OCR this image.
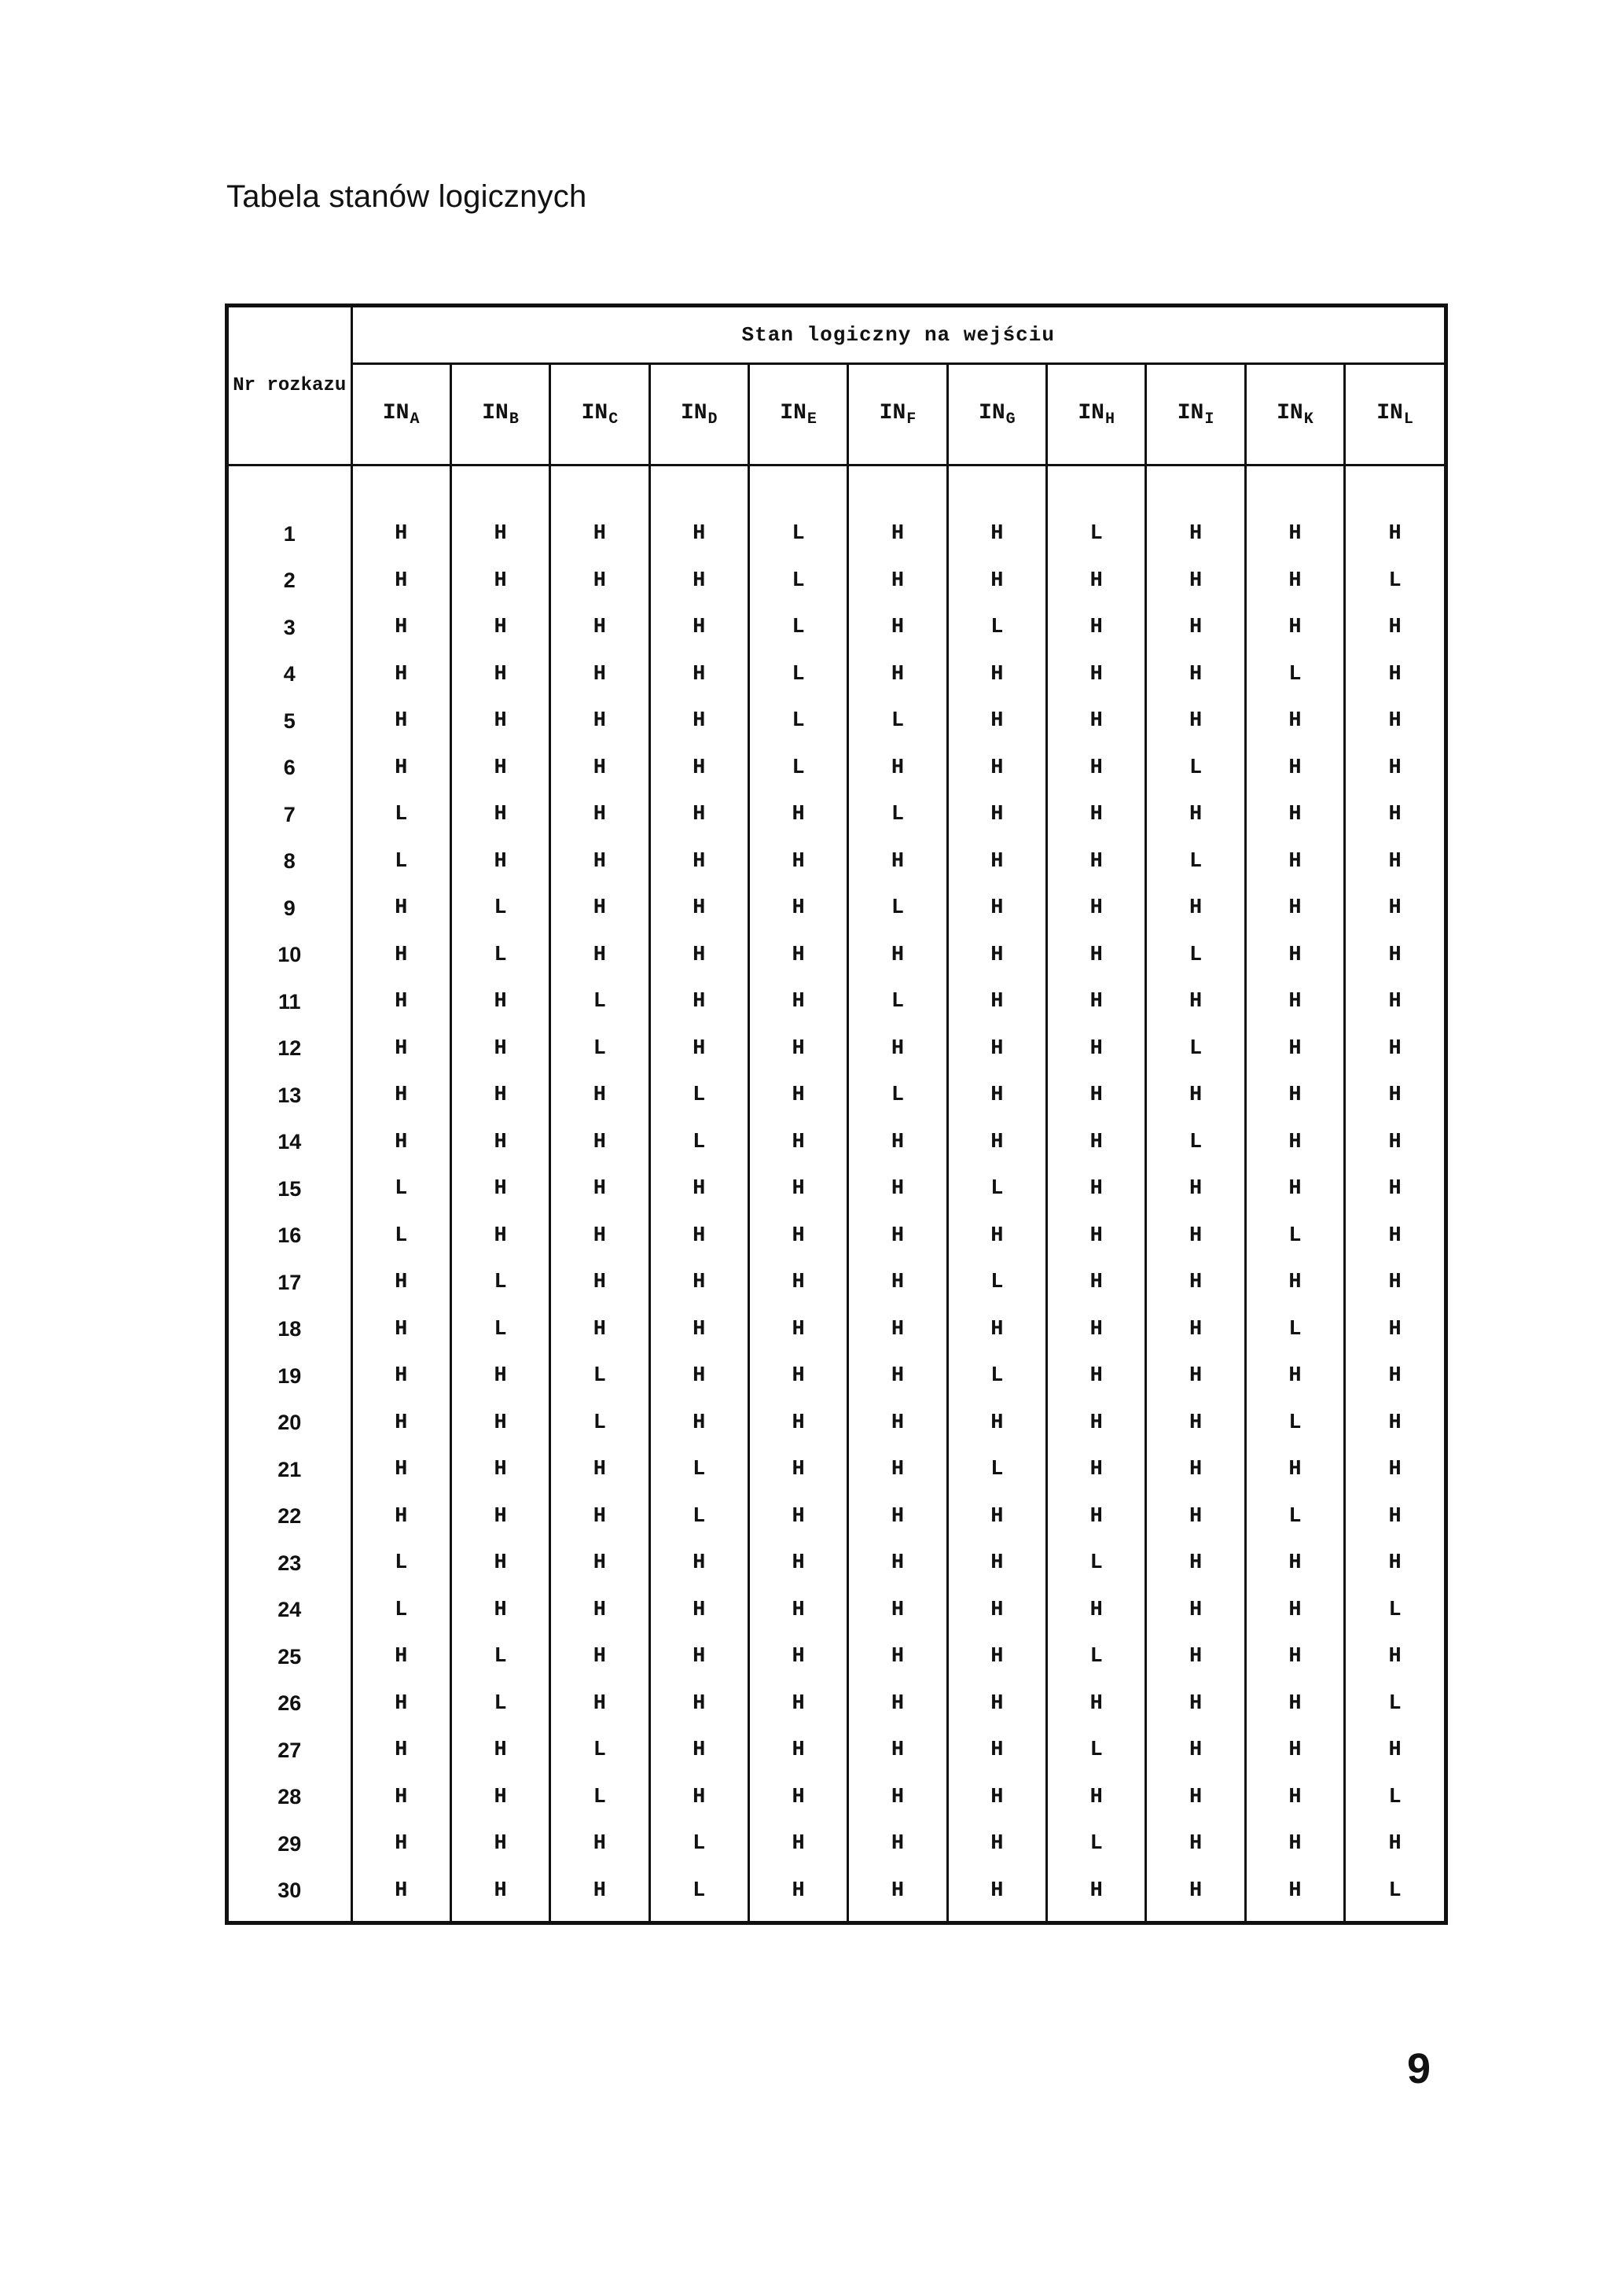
Tabela stanów logicznych
Nr rozkazu	Stan logiczny na wejściu										
	$IN_A$	$IN_B$	$IN_C$	$IN_D$	$IN_E$	$IN_F$	$IN_G$	$IN_H$	$IN_I$	$IN_K$	$IN_L$

1	H	H	H	H	L	H	H	L	H	H	H
2	H	H	H	H	L	H	H	H	H	H	L
3	H	H	H	H	L	H	L	H	H	H	H
4	H	H	H	H	L	H	H	H	H	L	H
5	H	H	H	H	L	L	H	H	H	H	H
6	H	H	H	H	L	H	H	H	L	H	H
7	L	H	H	H	H	L	H	H	H	H	H
8	L	H	H	H	H	H	H	H	L	H	H
9	H	L	H	H	H	L	H	H	H	H	H
10	H	L	H	H	H	H	H	H	L	H	H
11	H	H	L	H	H	L	H	H	H	H	H
12	H	H	L	H	H	H	H	H	L	H	H
13	H	H	H	L	H	L	H	H	H	H	H
14	H	H	H	L	H	H	H	H	L	H	H
15	L	H	H	H	H	H	L	H	H	H	H
16	L	H	H	H	H	H	H	H	H	L	H
17	H	L	H	H	H	H	L	H	H	H	H
18	H	L	H	H	H	H	H	H	H	L	H
19	H	H	L	H	H	H	L	H	H	H	H
20	H	H	L	H	H	H	H	H	H	L	H
21	H	H	H	L	H	H	L	H	H	H	H
22	H	H	H	L	H	H	H	H	H	L	H
23	L	H	H	H	H	H	H	L	H	H	H
24	L	H	H	H	H	H	H	H	H	H	L
25	H	L	H	H	H	H	H	L	H	H	H
26	H	L	H	H	H	H	H	H	H	H	L
27	H	H	L	H	H	H	H	L	H	H	H
28	H	H	L	H	H	H	H	H	H	H	L
29	H	H	H	L	H	H	H	L	H	H	H
30	H	H	H	L	H	H	H	H	H	H	L

9
